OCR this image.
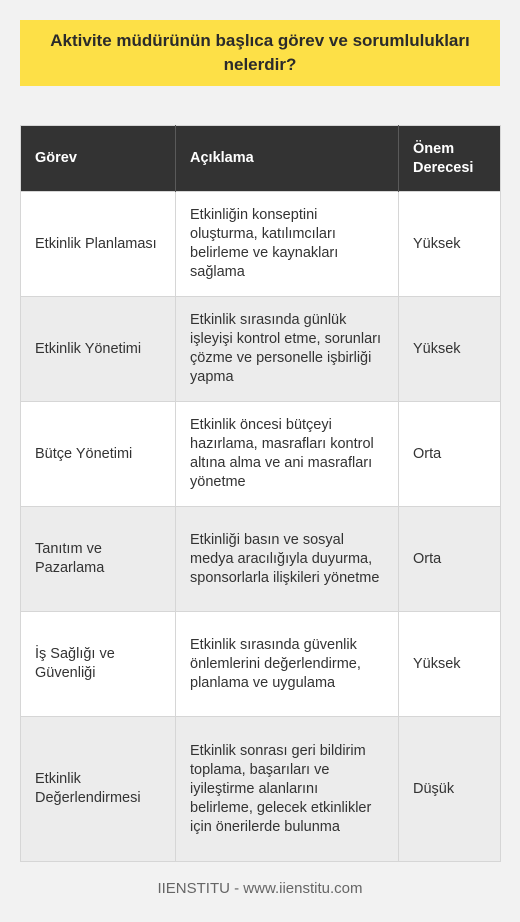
Aktivite müdürünün başlıca görev ve sorumlulukları nelerdir?
Görev	Açıklama	Önem Derecesi
Etkinlik Planlaması	Etkinliğin konseptini oluşturma, katılımcıları belirleme ve kaynakları sağlama	Yüksek
Etkinlik Yönetimi	Etkinlik sırasında günlük işleyişi kontrol etme, sorunları çözme ve personelle işbirliği yapma	Yüksek
Bütçe Yönetimi	Etkinlik öncesi bütçeyi hazırlama, masrafları kontrol altına alma ve ani masrafları yönetme	Orta
Tanıtım ve Pazarlama	Etkinliği basın ve sosyal medya aracılığıyla duyurma, sponsorlarla ilişkileri yönetme	Orta
İş Sağlığı ve Güvenliği	Etkinlik sırasında güvenlik önlemlerini değerlendirme, planlama ve uygulama	Yüksek
Etkinlik Değerlendirmesi	Etkinlik sonrası geri bildirim toplama, başarıları ve iyileştirme alanlarını belirleme, gelecek etkinlikler için önerilerde bulunma	Düşük
IIENSTITU - www.iienstitu.com
